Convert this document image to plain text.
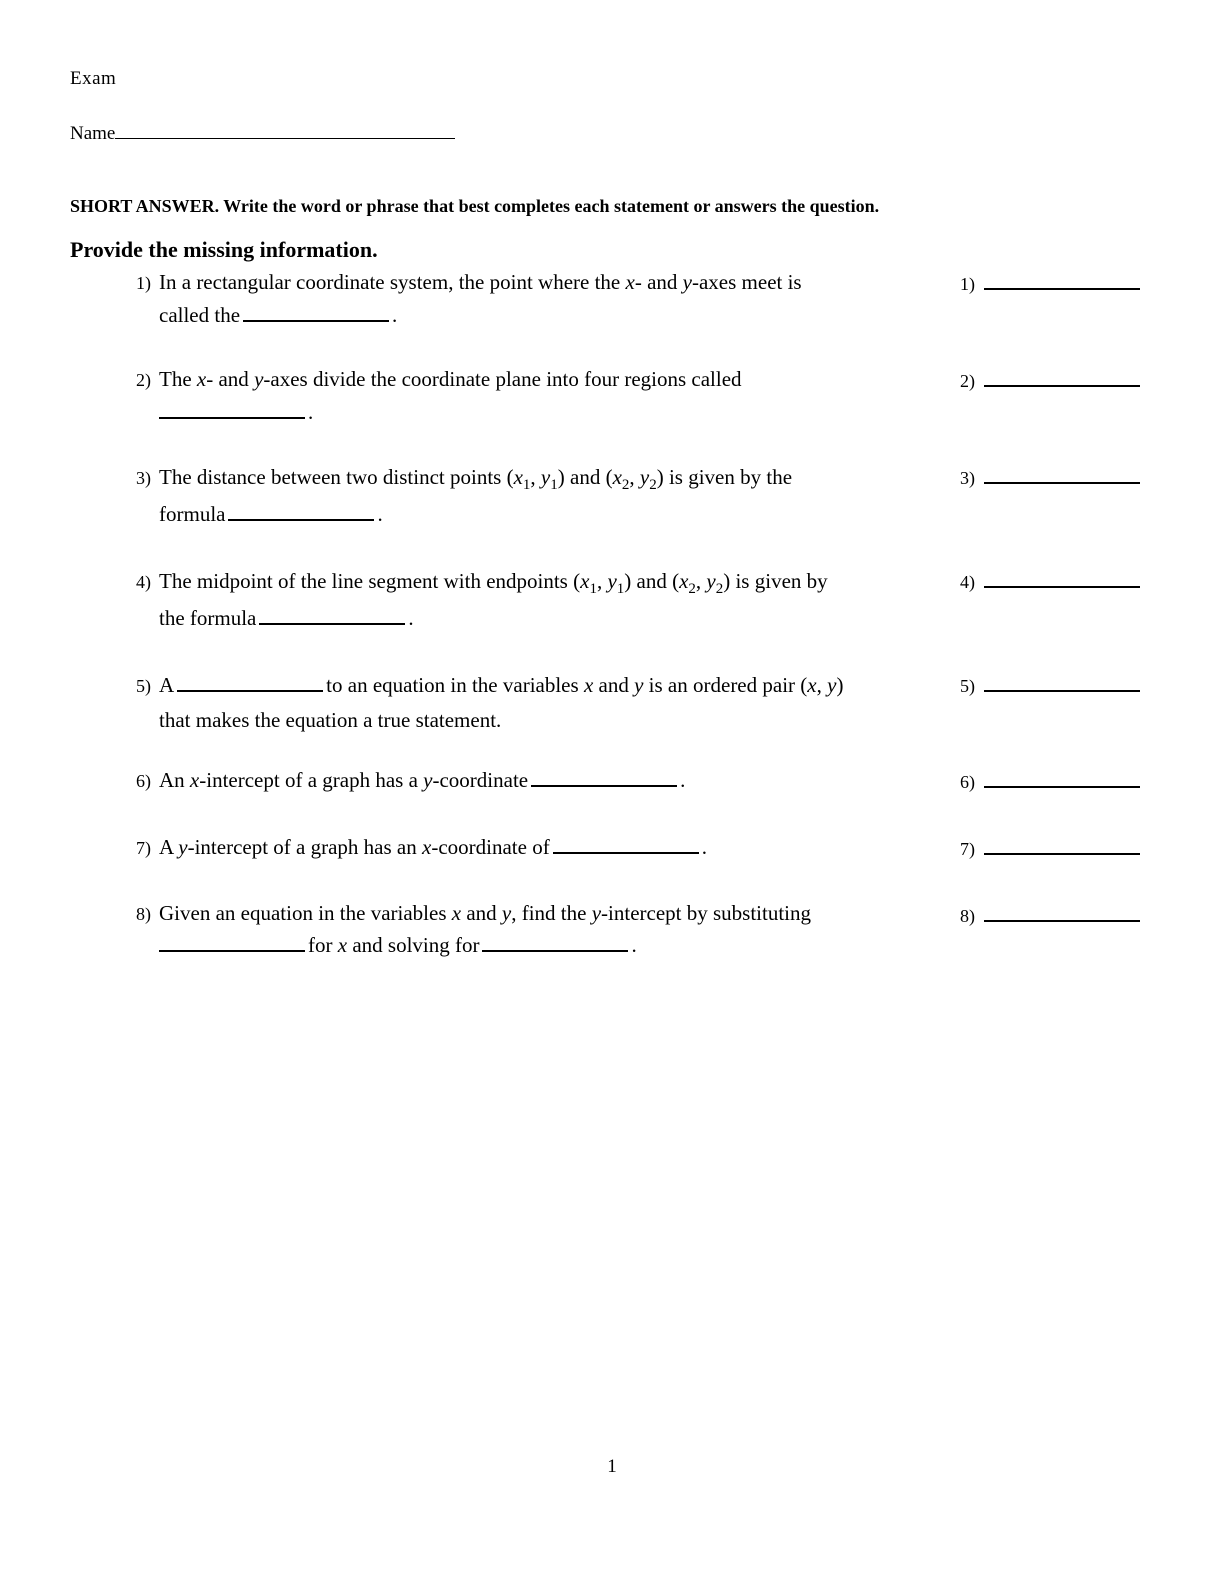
Exam
Name
SHORT ANSWER. Write the word or phrase that best completes each statement or answers the question.
Provide the missing information.
1) In a rectangular coordinate system, the point where the x- and y-axes meet is
called the	.
1)
2) The x- and y-axes divide the coordinate plane into four regions called
.
2)
3) The distance between two distinct points ($x_1$, $y_1$) and ($x_2$, $y_2$) is given by the
formula	.
3)
4) The midpoint of the line segment with endpoints ($x_1$, $y_1$) and ($x_2$, $y_2$) is given by
the formula	.
4)
5) A	to an equation in the variables x and y is an ordered pair (x, y)
that makes the equation a true statement.
5)
6) An x-intercept of a graph has a y-coordinate	.	6)
7) A y-intercept of a graph has an x-coordinate of	.	7)
8) Given an equation in the variables x and y, find the y-intercept by substituting
for x and solving for	.
8)
1
